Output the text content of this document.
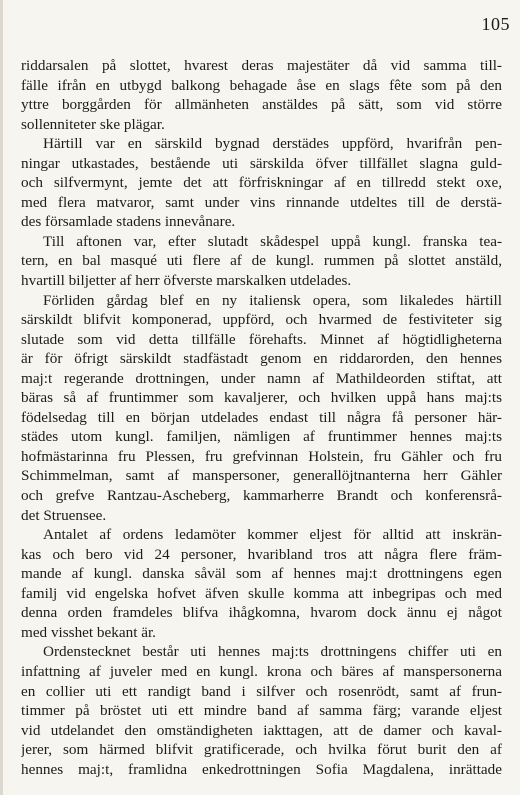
105
riddarsalen på slottet, hvarest deras majestäter då vid samma till-
fälle ifrån en utbygd balkong behagade åse en slags fête som på den
yttre borggården för allmänheten anstäldes på sätt, som vid större
sollenniteter ske plägar.
Härtill var en särskild bygnad derstädes uppförd, hvarifrån pen-
ningar utkastades, bestående uti särskilda öfver tillfället slagna guld-
och silfvermynt, jemte det att förfriskningar af en tillredd stekt oxe,
med flera matvaror, samt under vins rinnande utdeltes till de derstä-
des församlade stadens innevånare.
Till aftonen var, efter slutadt skådespel uppå kungl. franska tea-
tern, en bal masqué uti flere af de kungl. rummen på slottet anstäld,
hvartill biljetter af herr öfverste marskalken utdelades.
Förliden gårdag blef en ny italiensk opera, som likaledes härtill
särskildt blifvit komponerad, uppförd, och hvarmed de festiviteter sig
slutade som vid detta tillfälle förehafts. Minnet af högtidligheterna
är för öfrigt särskildt stadfästadt genom en riddarorden, den hennes
maj:t regerande drottningen, under namn af Mathildeorden stiftat, att
bäras så af fruntimmer som kavaljerer, och hvilken uppå hans maj:ts
födelsedag till en början utdelades endast till några få personer här-
städes utom kungl. familjen, nämligen af fruntimmer hennes maj:ts
hofmästarinna fru Plessen, fru grefvinnan Holstein, fru Gähler och fru
Schimmelman, samt af manspersoner, generallöjtnanterna herr Gähler
och grefve Rantzau-Ascheberg, kammarherre Brandt och konferensrå-
det Struensee.
Antalet af ordens ledamöter kommer eljest för alltid att inskrän-
kas och bero vid 24 personer, hvaribland tros att några flere främ-
mande af kungl. danska såväl som af hennes maj:t drottningens egen
familj vid engelska hofvet äfven skulle komma att inbegripas och med
denna orden framdeles blifva ihågkomna, hvarom dock ännu ej något
med visshet bekant är.
Ordenstecknet består uti hennes maj:ts drottningens chiffer uti en
infattning af juveler med en kungl. krona och bäres af manspersonerna
en collier uti ett randigt band i silfver och rosenrödt, samt af frun-
timmer på bröstet uti ett mindre band af samma färg; varande eljest
vid utdelandet den omständigheten iakttagen, att de damer och kaval-
jerer, som härmed blifvit gratificerade, och hvilka förut burit den af
hennes maj:t, framlidna enkedrottningen Sofia Magdalena, inrättade
